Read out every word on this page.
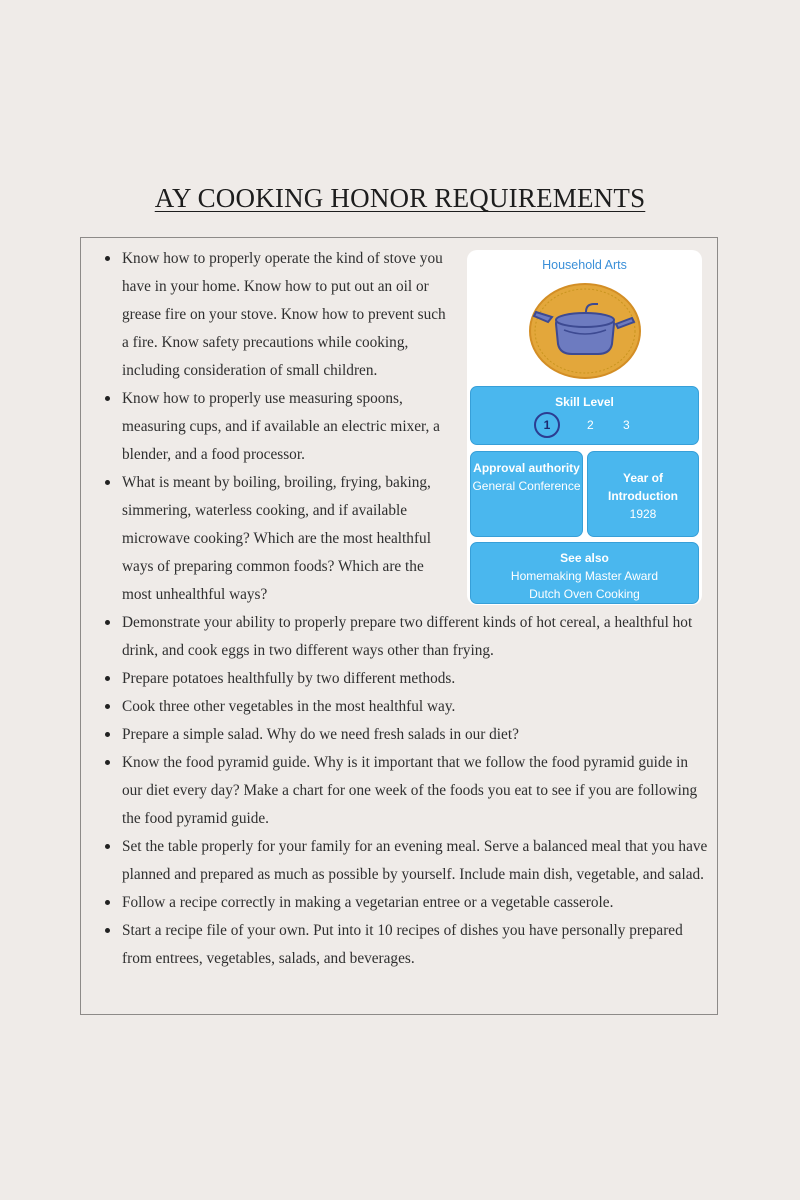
AY COOKING HONOR REQUIREMENTS
Know how to properly operate the kind of stove you have in your home. Know how to put out an oil or grease fire on your stove. Know how to prevent such a fire. Know safety precautions while cooking, including consideration of small children.
Know how to properly use measuring spoons, measuring cups, and if available an electric mixer, a blender, and a food processor.
What is meant by boiling, broiling, frying, baking, simmering, waterless cooking, and if available microwave cooking? Which are the most healthful ways of preparing common foods? Which are the most unhealthful ways?
Demonstrate your ability to properly prepare two different kinds of hot cereal, a healthful hot drink, and cook eggs in two different ways other than frying.
Prepare potatoes healthfully by two different methods.
Cook three other vegetables in the most healthful way.
Prepare a simple salad. Why do we need fresh salads in our diet?
Know the food pyramid guide. Why is it important that we follow the food pyramid guide in our diet every day? Make a chart for one week of the foods you eat to see if you are following the food pyramid guide.
Set the table properly for your family for an evening meal. Serve a balanced meal that you have planned and prepared as much as possible by yourself. Include main dish, vegetable, and salad.
Follow a recipe correctly in making a vegetarian entree or a vegetable casserole.
Start a recipe file of your own. Put into it 10 recipes of dishes you have personally prepared from entrees, vegetables, salads, and beverages.
Household Arts
Skill Level
1	2 3
Approval authority
General Conference
Year of Introduction
1928
See also
Homemaking Master Award
Dutch Oven Cooking
